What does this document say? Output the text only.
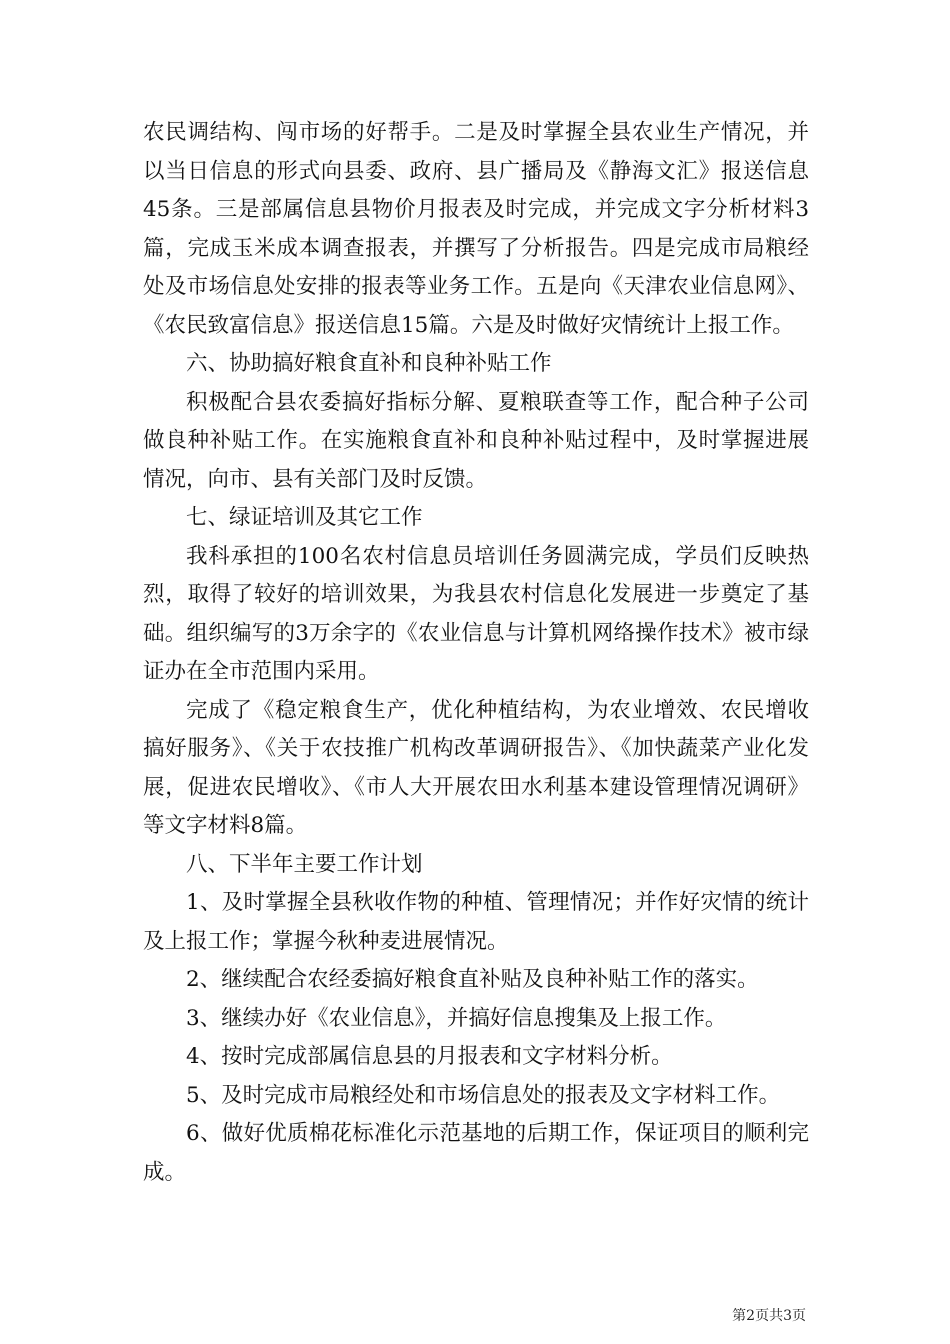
农民调结构、闯市场的好帮手。二是及时掌握全县农业生产情况，并以当日信息的形式向县委、政府、县广播局及《静海文汇》报送信息45条。三是部属信息县物价月报表及时完成，并完成文字分析材料3篇，完成玉米成本调查报表，并撰写了分析报告。四是完成市局粮经处及市场信息处安排的报表等业务工作。五是向《天津农业信息网》、《农民致富信息》报送信息15篇。六是及时做好灾情统计上报工作。

六、协助搞好粮食直补和良种补贴工作

积极配合县农委搞好指标分解、夏粮联查等工作，配合种子公司做良种补贴工作。在实施粮食直补和良种补贴过程中，及时掌握进展情况，向市、县有关部门及时反馈。

七、绿证培训及其它工作

我科承担的100名农村信息员培训任务圆满完成，学员们反映热烈，取得了较好的培训效果，为我县农村信息化发展进一步奠定了基础。组织编写的3万余字的《农业信息与计算机网络操作技术》被市绿证办在全市范围内采用。

完成了《稳定粮食生产，优化种植结构，为农业增效、农民增收搞好服务》、《关于农技推广机构改革调研报告》、《加快蔬菜产业化发展，促进农民增收》、《市人大开展农田水利基本建设管理情况调研》等文字材料8篇。

八、下半年主要工作计划

1、及时掌握全县秋收作物的种植、管理情况；并作好灾情的统计及上报工作；掌握今秋种麦进展情况。

2、继续配合农经委搞好粮食直补贴及良种补贴工作的落实。

3、继续办好《农业信息》，并搞好信息搜集及上报工作。

4、按时完成部属信息县的月报表和文字材料分析。

5、及时完成市局粮经处和市场信息处的报表及文字材料工作。

6、做好优质棉花标准化示范基地的后期工作，保证项目的顺利完成。

第2页共3页
